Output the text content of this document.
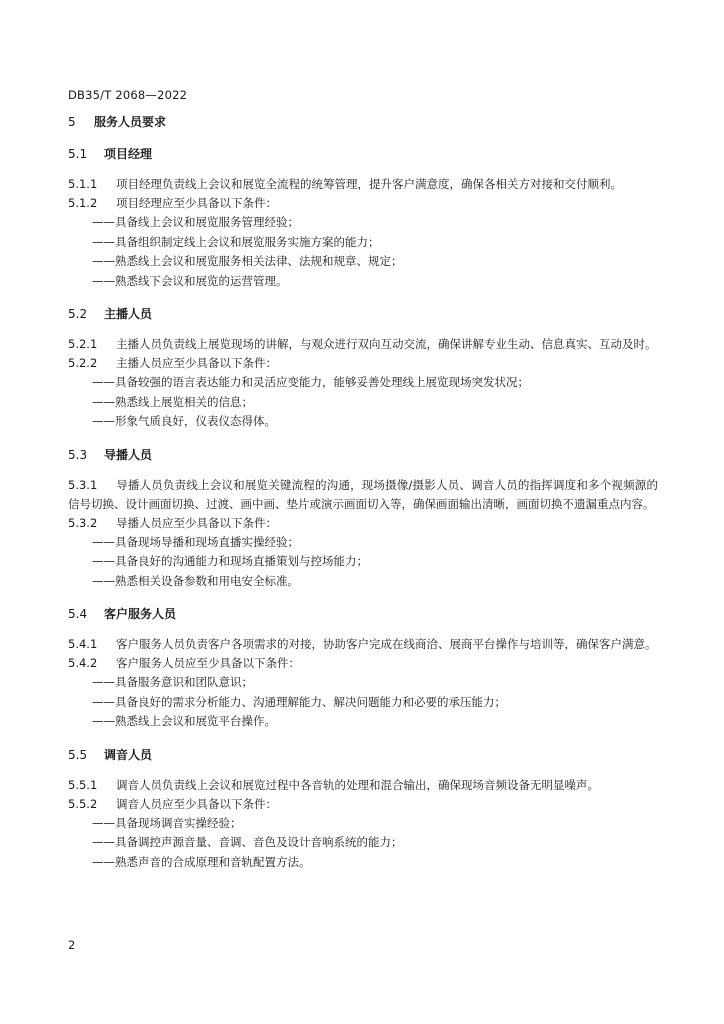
DB35/T 2068—2022
5 服务人员要求
5.1 项目经理

5.1.1 项目经理负责线上会议和展览全流程的统筹管理，提升客户满意度，确保各相关方对接和交付顺利。

5.1.2 项目经理应至少具备以下条件：

——具备线上会议和展览服务管理经验；

——具备组织制定线上会议和展览服务实施方案的能力；

——熟悉线上会议和展览服务相关法律、法规和规章、规定；

——熟悉线下会议和展览的运营管理。

5.2 主播人员

5.2.1 主播人员负责线上展览现场的讲解，与观众进行双向互动交流，确保讲解专业生动、信息真实、互动及时。

5.2.2 主播人员应至少具备以下条件：

——具备较强的语言表达能力和灵活应变能力，能够妥善处理线上展览现场突发状况；

——熟悉线上展览相关的信息；

——形象气质良好，仪表仪态得体。

5.3 导播人员

5.3.1 导播人员负责线上会议和展览关键流程的沟通，现场摄像/摄影人员、调音人员的指挥调度和多个视频源的信号切换、设计画面切换、过渡、画中画、垫片或演示画面切入等，确保画面输出清晰，画面切换不遗漏重点内容。

5.3.2 导播人员应至少具备以下条件：

——具备现场导播和现场直播实操经验；

——具备良好的沟通能力和现场直播策划与控场能力；

——熟悉相关设备参数和用电安全标准。

5.4 客户服务人员

5.4.1 客户服务人员负责客户各项需求的对接，协助客户完成在线商洽、展商平台操作与培训等，确保客户满意。

5.4.2 客户服务人员应至少具备以下条件：

——具备服务意识和团队意识；

——具备良好的需求分析能力、沟通理解能力、解决问题能力和必要的承压能力；

——熟悉线上会议和展览平台操作。

5.5 调音人员

5.5.1 调音人员负责线上会议和展览过程中各音轨的处理和混合输出，确保现场音频设备无明显噪声。

5.5.2 调音人员应至少具备以下条件：

——具备现场调音实操经验；

——具备调控声源音量、音调、音色及设计音响系统的能力；

——熟悉声音的合成原理和音轨配置方法。

2
